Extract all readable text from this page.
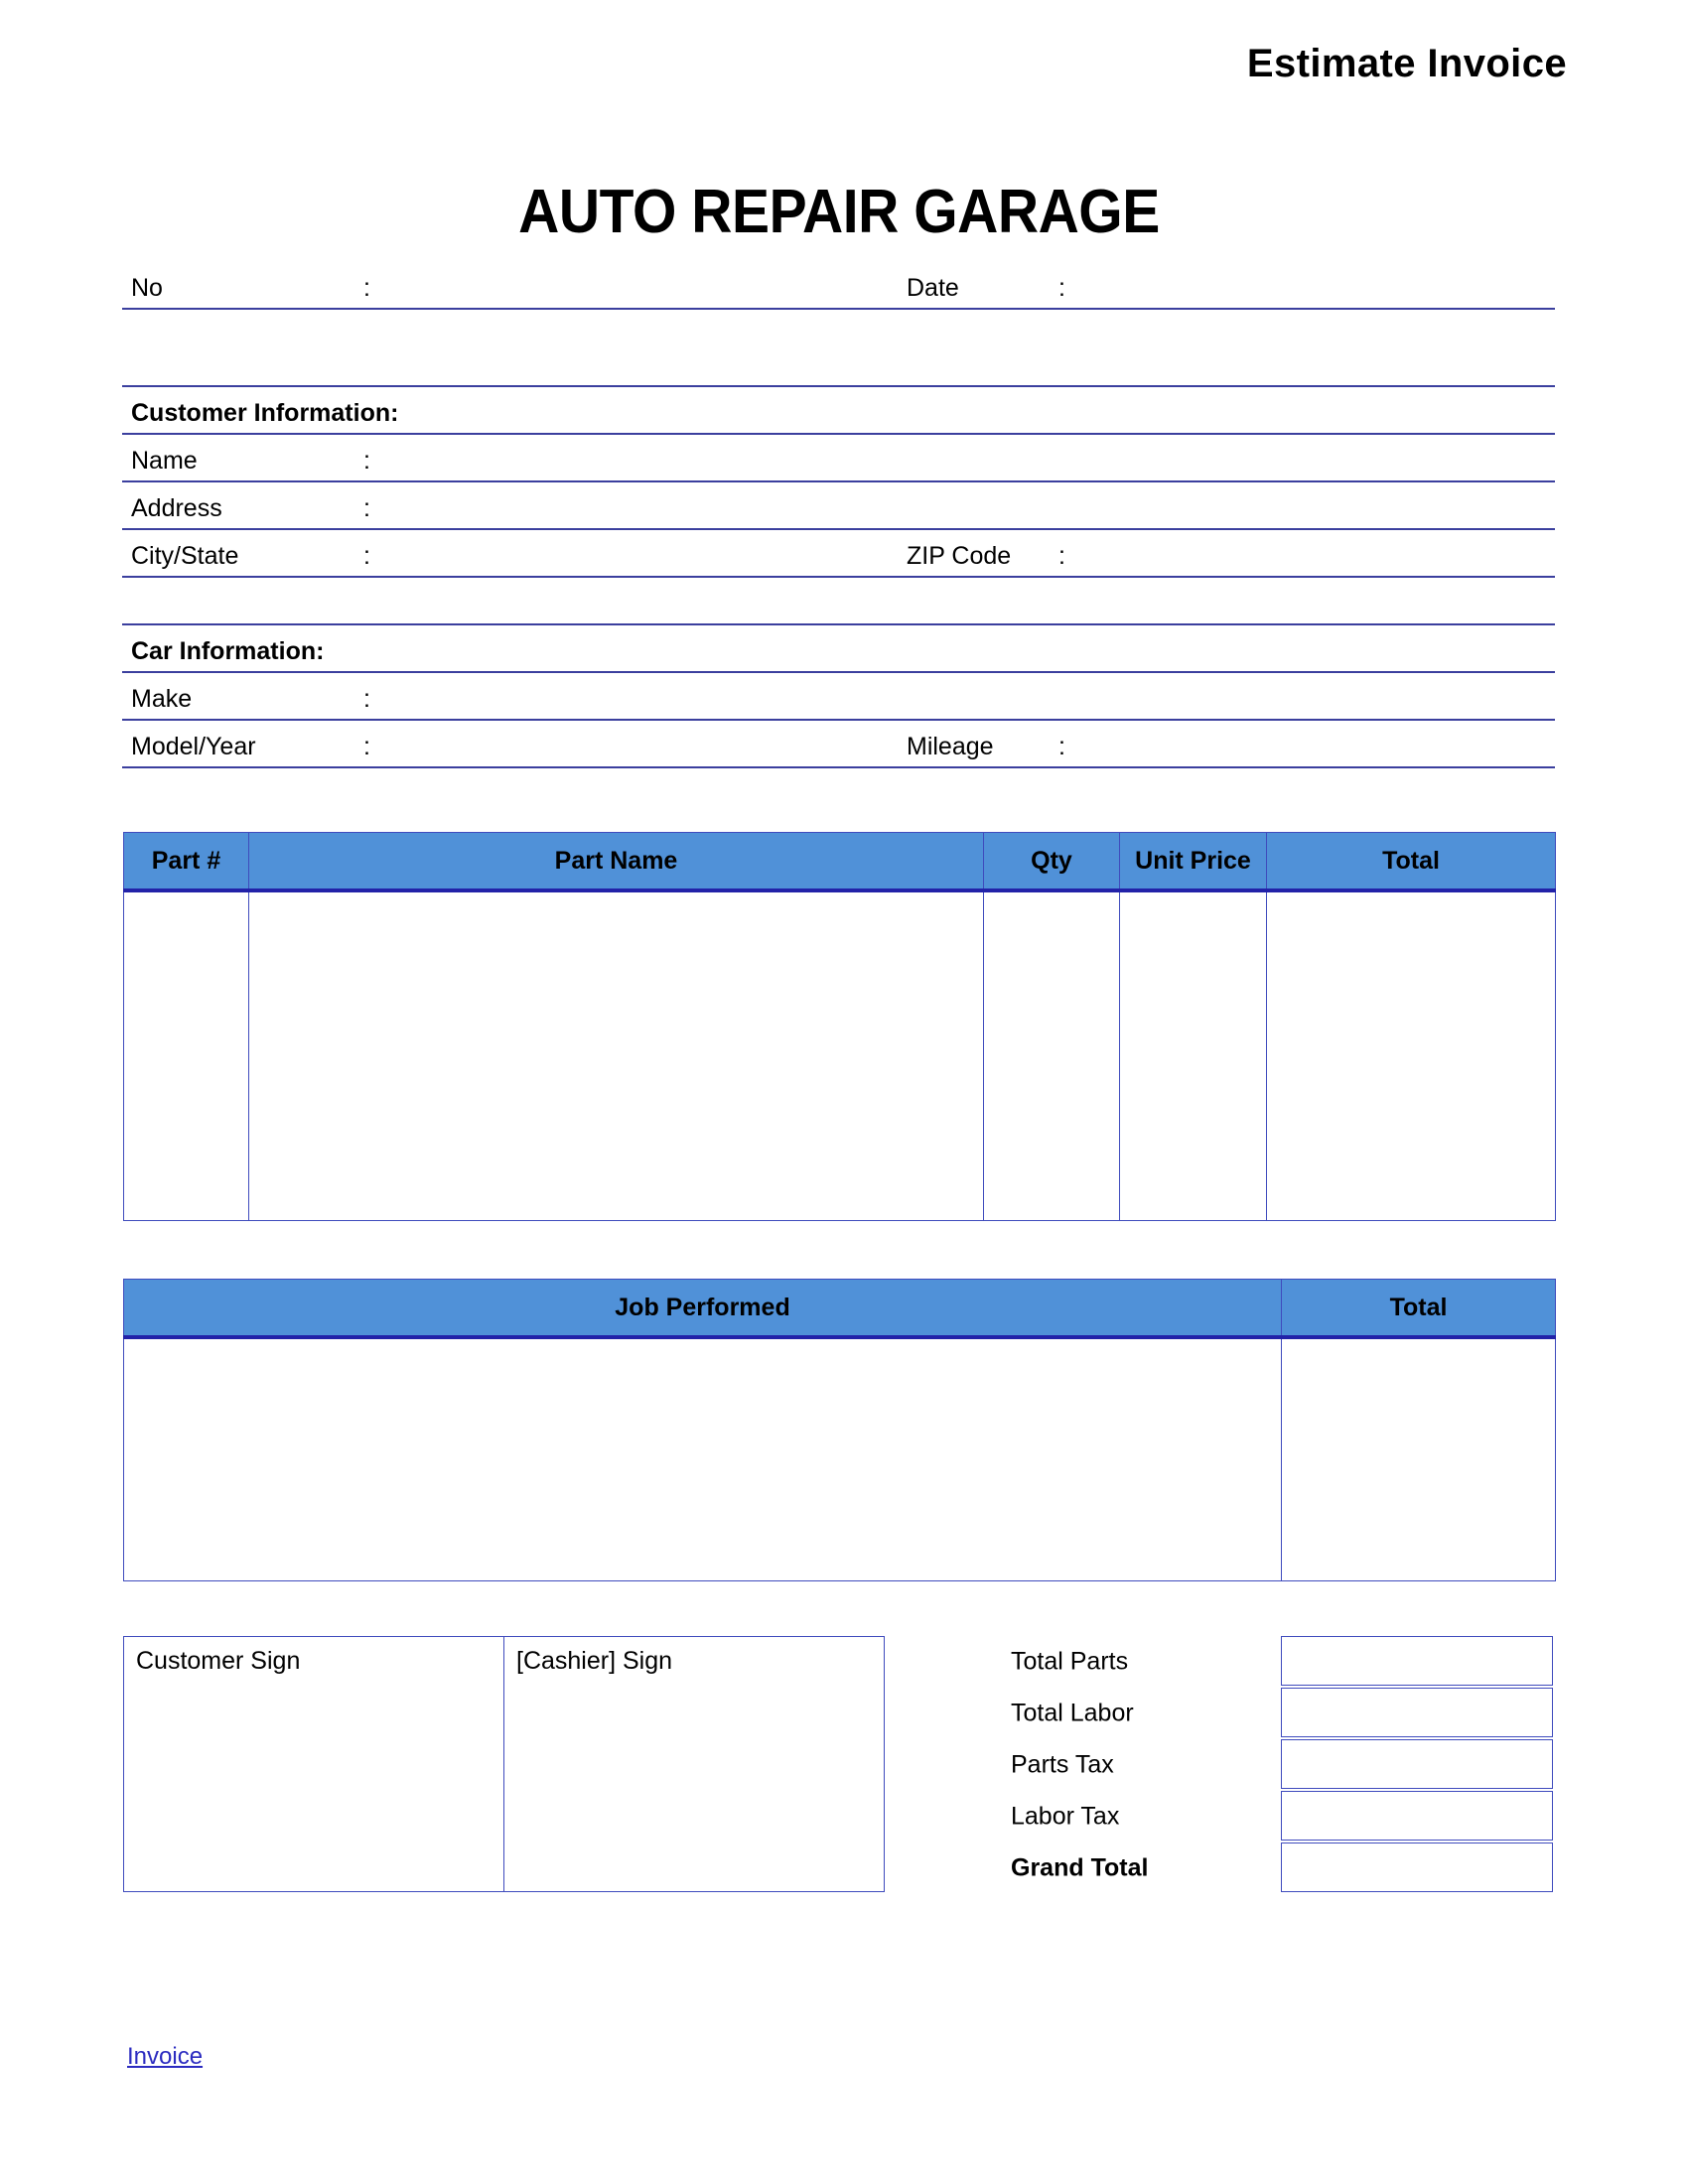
Estimate Invoice
AUTO REPAIR GARAGE
No	:	Date	:
Customer Information:
Name	:
Address	:
City/State	:	ZIP Code :
Car Information:
Make	:
Model/Year	:	Mileage	:
Part #	Part Name	Qty	Unit Price	Total

Job Performed	Total

Customer Sign	[Cashier] Sign	Total Parts
Total Labor
Parts Tax
Labor Tax
Grand Total
Invoice
